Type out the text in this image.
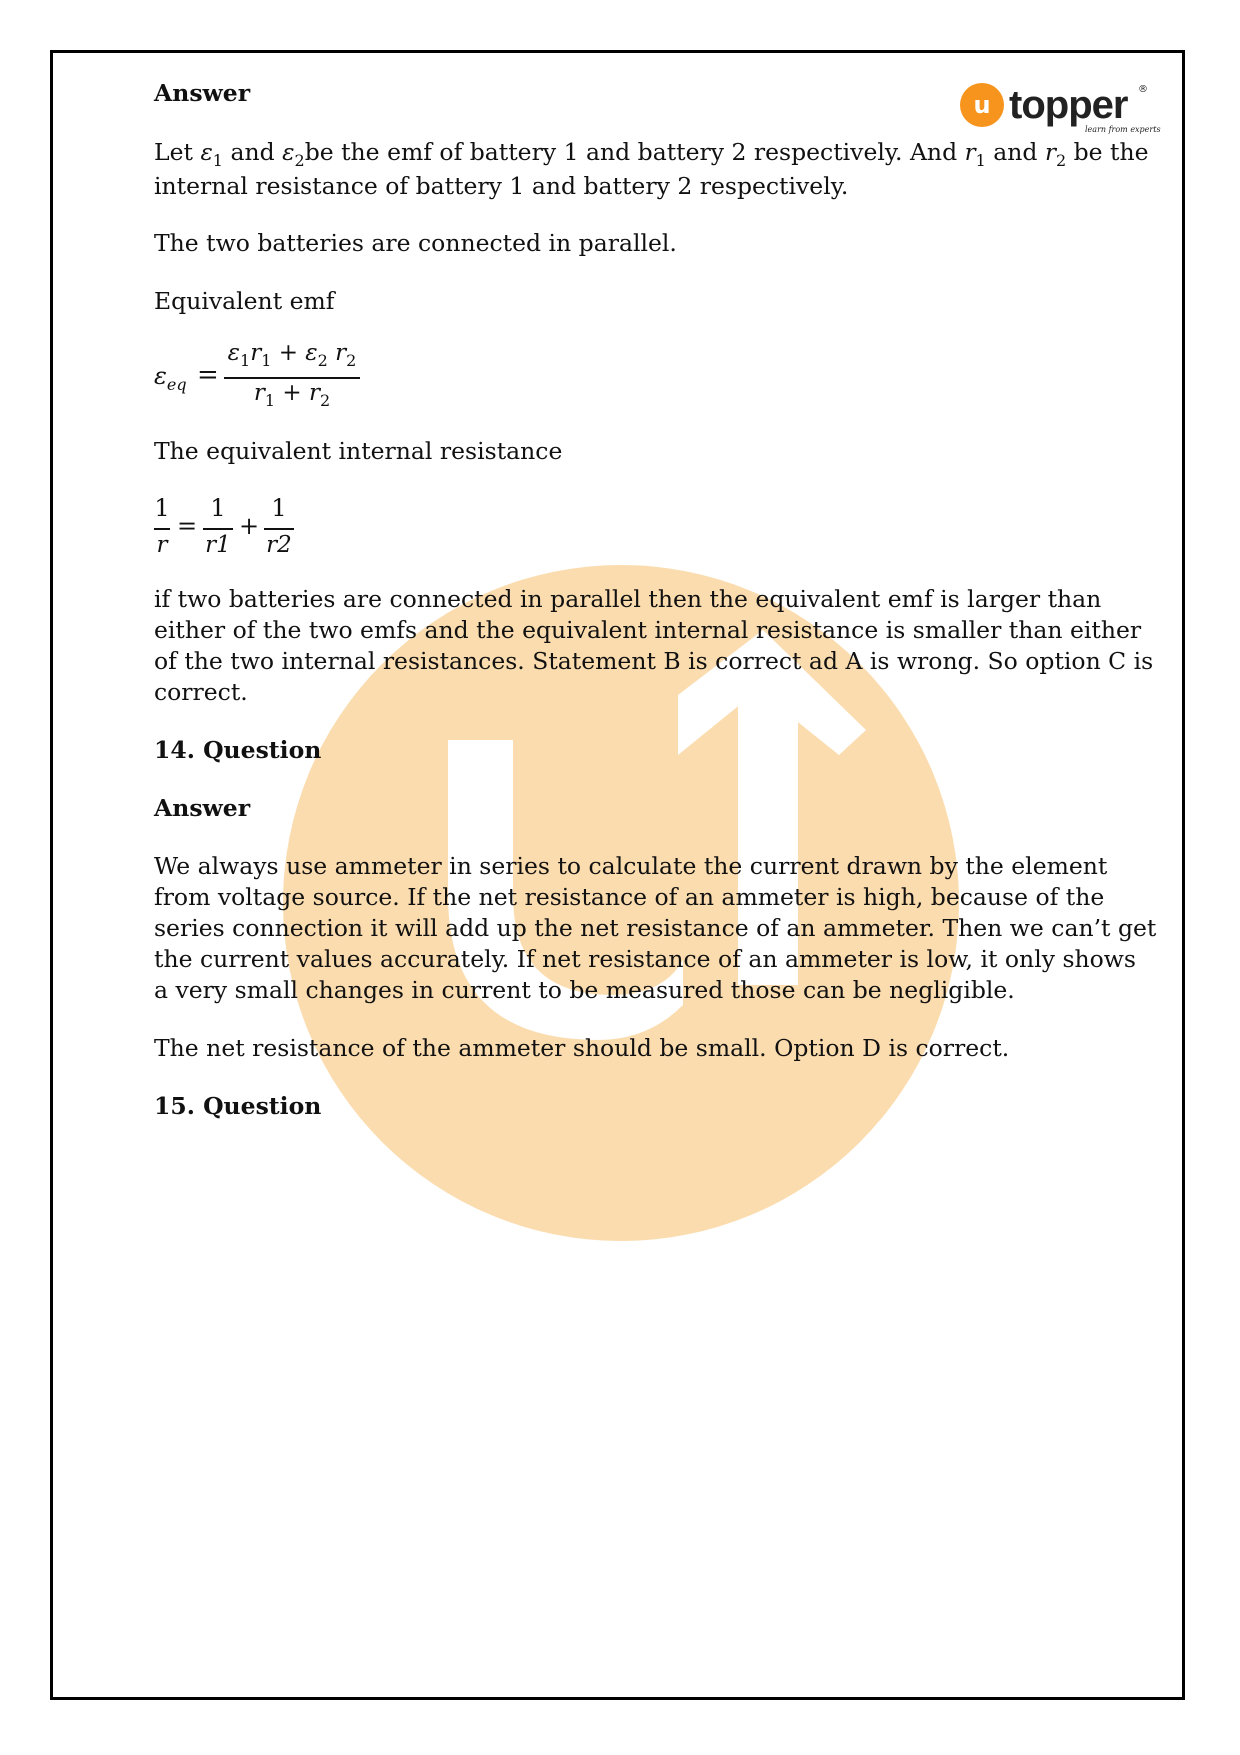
u topper ®
learn from experts
Answer
Let $\varepsilon_1$ and $\varepsilon_2be$ the emf of battery 1 and battery 2 respectively. And $r_1$ and $r_2$ be the
internal resistance of battery 1 and battery 2 respectively.
The two batteries are connected in parallel.
Equivalent emf
$\varepsilon_{eq}$ =
$\varepsilon_1r_1 + \varepsilon_2$ $r_2$
$r_1 + r_2$
The equivalent internal resistance
1
r
=
1
r1
+
1
r2
if two batteries are connected in parallel then the equivalent emf is larger than
either of the two emfs and the equivalent internal resistance is smaller than either
of the two internal resistances. Statement B is correct ad A is wrong. So option C is
correct.
14. Question
Answer
We always use ammeter in series to calculate the current drawn by the element
from voltage source. If the net resistance of an ammeter is high, because of the
series connection it will add up the net resistance of an ammeter. Then we can’t get
the current values accurately. If net resistance of an ammeter is low, it only shows
a very small changes in current to be measured those can be negligible.
The net resistance of the ammeter should be small. Option D is correct.
15. Question
